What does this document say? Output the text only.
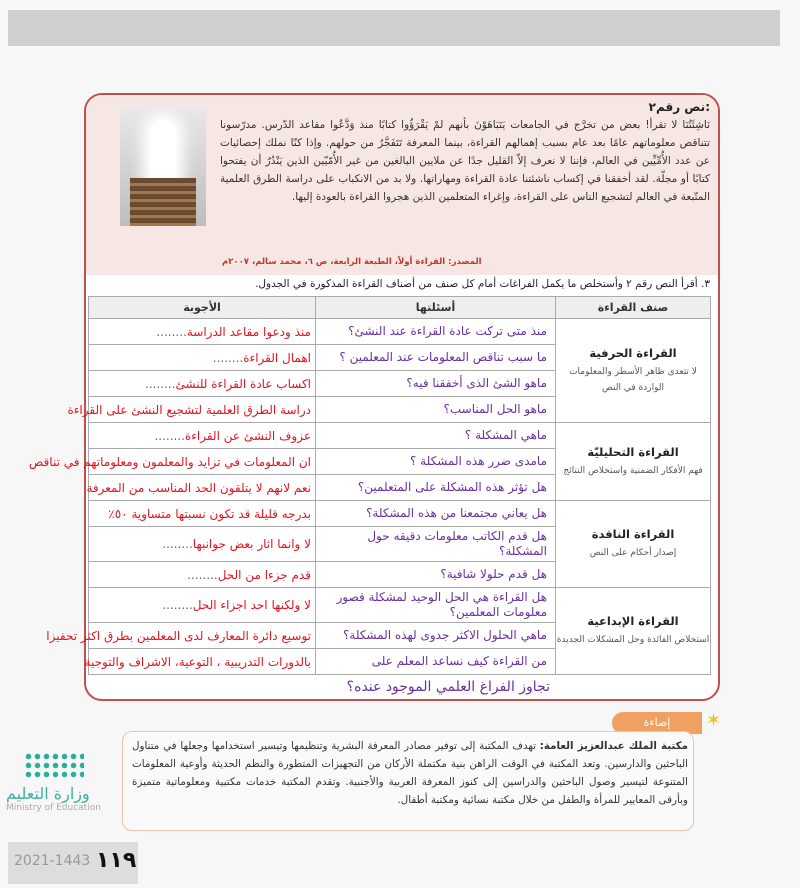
نص رقم٢:
نَاشِئَتُنَا لا تقرأ! بعض من تخرَّج في الجامعات يَتَبَاهَوْنَ بأنهم لمْ يَقْرَؤُوا كتابًا منذ وَدَّعُوا مقاعد الدّرس. مدرّسونا تتناقص معلوماتهم عامًا بعد عام بسبب إهمالهم القراءة، بينما المعرفة تَتَفَجَّرُ من حولهم. وإذا كنّا نملك إحصائيات عن عدد الأُمِّيِّين في العالم، فإننا لا نعرف إلاّ القليل جدًا عن ملايين البالغين من غير الأُمّيّين الذين يَنْدُرُ أن يفتحوا كتابًا أو مجلّة. لقد أخفقنا في إكساب ناشئتنا عادة القراءة ومهاراتها. ولا بد من الانكباب على دراسة الطرق العلمية المتّبعة في العالم لتشجيع الناس على القراءة، وإغراء المتعلمين الذين هجروا القراءة بالعودة إليها.
المصدر: القراءة أولاً، الطبعة الرابعة، ص ٦، محمد سالم، ٢٠٠٧م
٣. أقرأ النص رقم ٢ وأستخلص ما يكمل الفراغات أمام كل صنف من أصناف القراءة المذكورة في الجدول.
صنف القراءة	أسئلتها	الأجوبة

القراءة الحرفية
لا تتعدى ظاهر الأسطر والمعلومات الواردة في النص	منذ متى تركت عادة القراءة عند النشئ؟	منذ ودعوا مقاعد الدراسة........
	ما سبب تناقص المعلومات عند المعلمين ؟	اهمال القراءة........
	ماهو الشئ الذى أخفقنا فيه؟	اكساب عادة القراءة للنشئ........
	ماهو الحل المناسب؟	دراسة الطرق العلمية لتشجيع النشئ على القراءة

القراءة التحليليّة
فهم الأفكار الضمنية واستخلاص النتائج	ماهي المشكلة ؟	عزوف النشئ عن القراءة........
	مامدى ضرر هذه المشكلة ؟	ان المعلومات في تزايد والمعلمون ومعلوماتهم في تناقص
	هل تؤثر هذه المشكلة على المتعلمين؟	نعم لانهم لا يتلقون الحد المناسب من المعرفة

القراءة الناقدة
إصدار أحكام على النص	هل يعاني مجتمعنا من هذه المشكلة؟	بدرجه قليلة قد تكون نسبتها متساوية ٥٠٪
	هل قدم الكاتب معلومات دقيقه حول المشكلة؟	لا وانما اثار بعض جوانبها........
	هل قدم حلولا شافية؟	قدم جزءا من الحل........

القراءة الإبداعية
استخلاص الفائدة وحل المشكلات الجديدة	هل القراءة هي الحل الوحيد لمشكلة قصور معلومات المعلمين؟	لا ولكنها احد اجزاء الحل........
	ماهي الحلول الاكثر جدوى لهذه المشكلة؟	توسيع دائرة المعارف لدى المعلمين بطرق اكثر تحفيزا
	من القراءة كيف نساعد المعلم على	بالدورات التدريبية ، التوعية، الاشراف والتوجية
تجاوز الفراغ العلمي الموجود عنده؟
✶
إضاءة
مكتبة الملك عبدالعزيز العامة: تهدف المكتبة إلى توفير مصادر المعرفة البشرية وتنظيمها وتيسير استخدامها وجعلها في متناول الباحثين والدارسين. وتعد المكتبة في الوقت الراهن بنية مكتملة الأركان من التجهيزات المتطورة والنظم الحديثة وأوعية المعلومات المتنوعة لتيسير وصول الباحثين والدراسين إلى كنوز المعرفة العربية والأجنبية. وتقدم المكتبة خدمات مكتبية ومعلوماتية متميزة وبأرقى المعايير للمرأة والطفل من خلال مكتبة نسائية ومكتبة أطفال.
وزارة التعليم
Ministry of Education
2021-1443 ١١٩
